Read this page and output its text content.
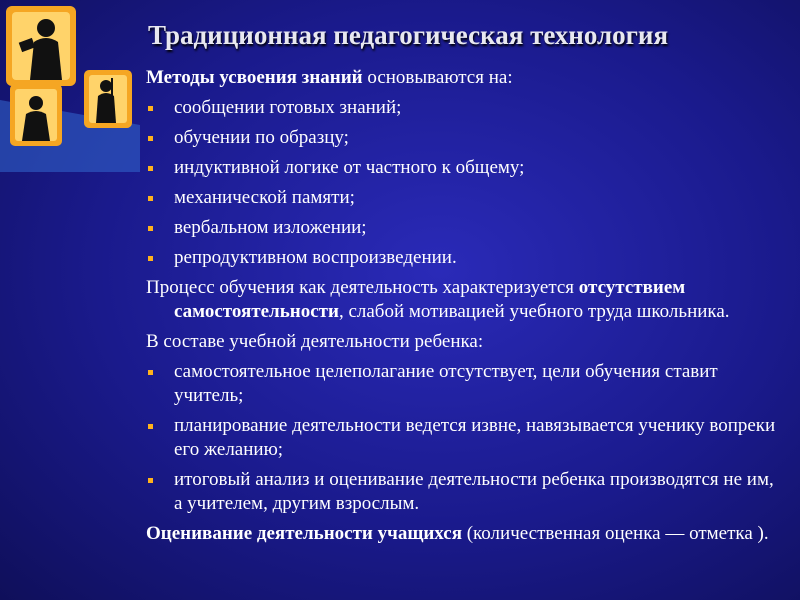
Традиционная педагогическая технология
Методы усвоения знаний основываются на:
сообщении готовых знаний;
обучении по образцу;
индуктивной логике от частного к общему;
механической памяти;
вербальном изложении;
репродуктивном воспроизведении.
Процесс обучения как деятельность характеризуется отсутствием самостоятельности, слабой мотивацией учебного труда школьника.
В составе учебной деятельности ребенка:
самостоятельное целеполагание отсутствует, цели обучения ставит учитель;
планирование деятельности ведется извне, навязывается ученику вопреки его желанию;
итоговый анализ и оценивание деятельности ребенка производятся не им, а учителем, другим взрослым.
Оценивание деятельности учащихся (количественная оценка — отметка ).
